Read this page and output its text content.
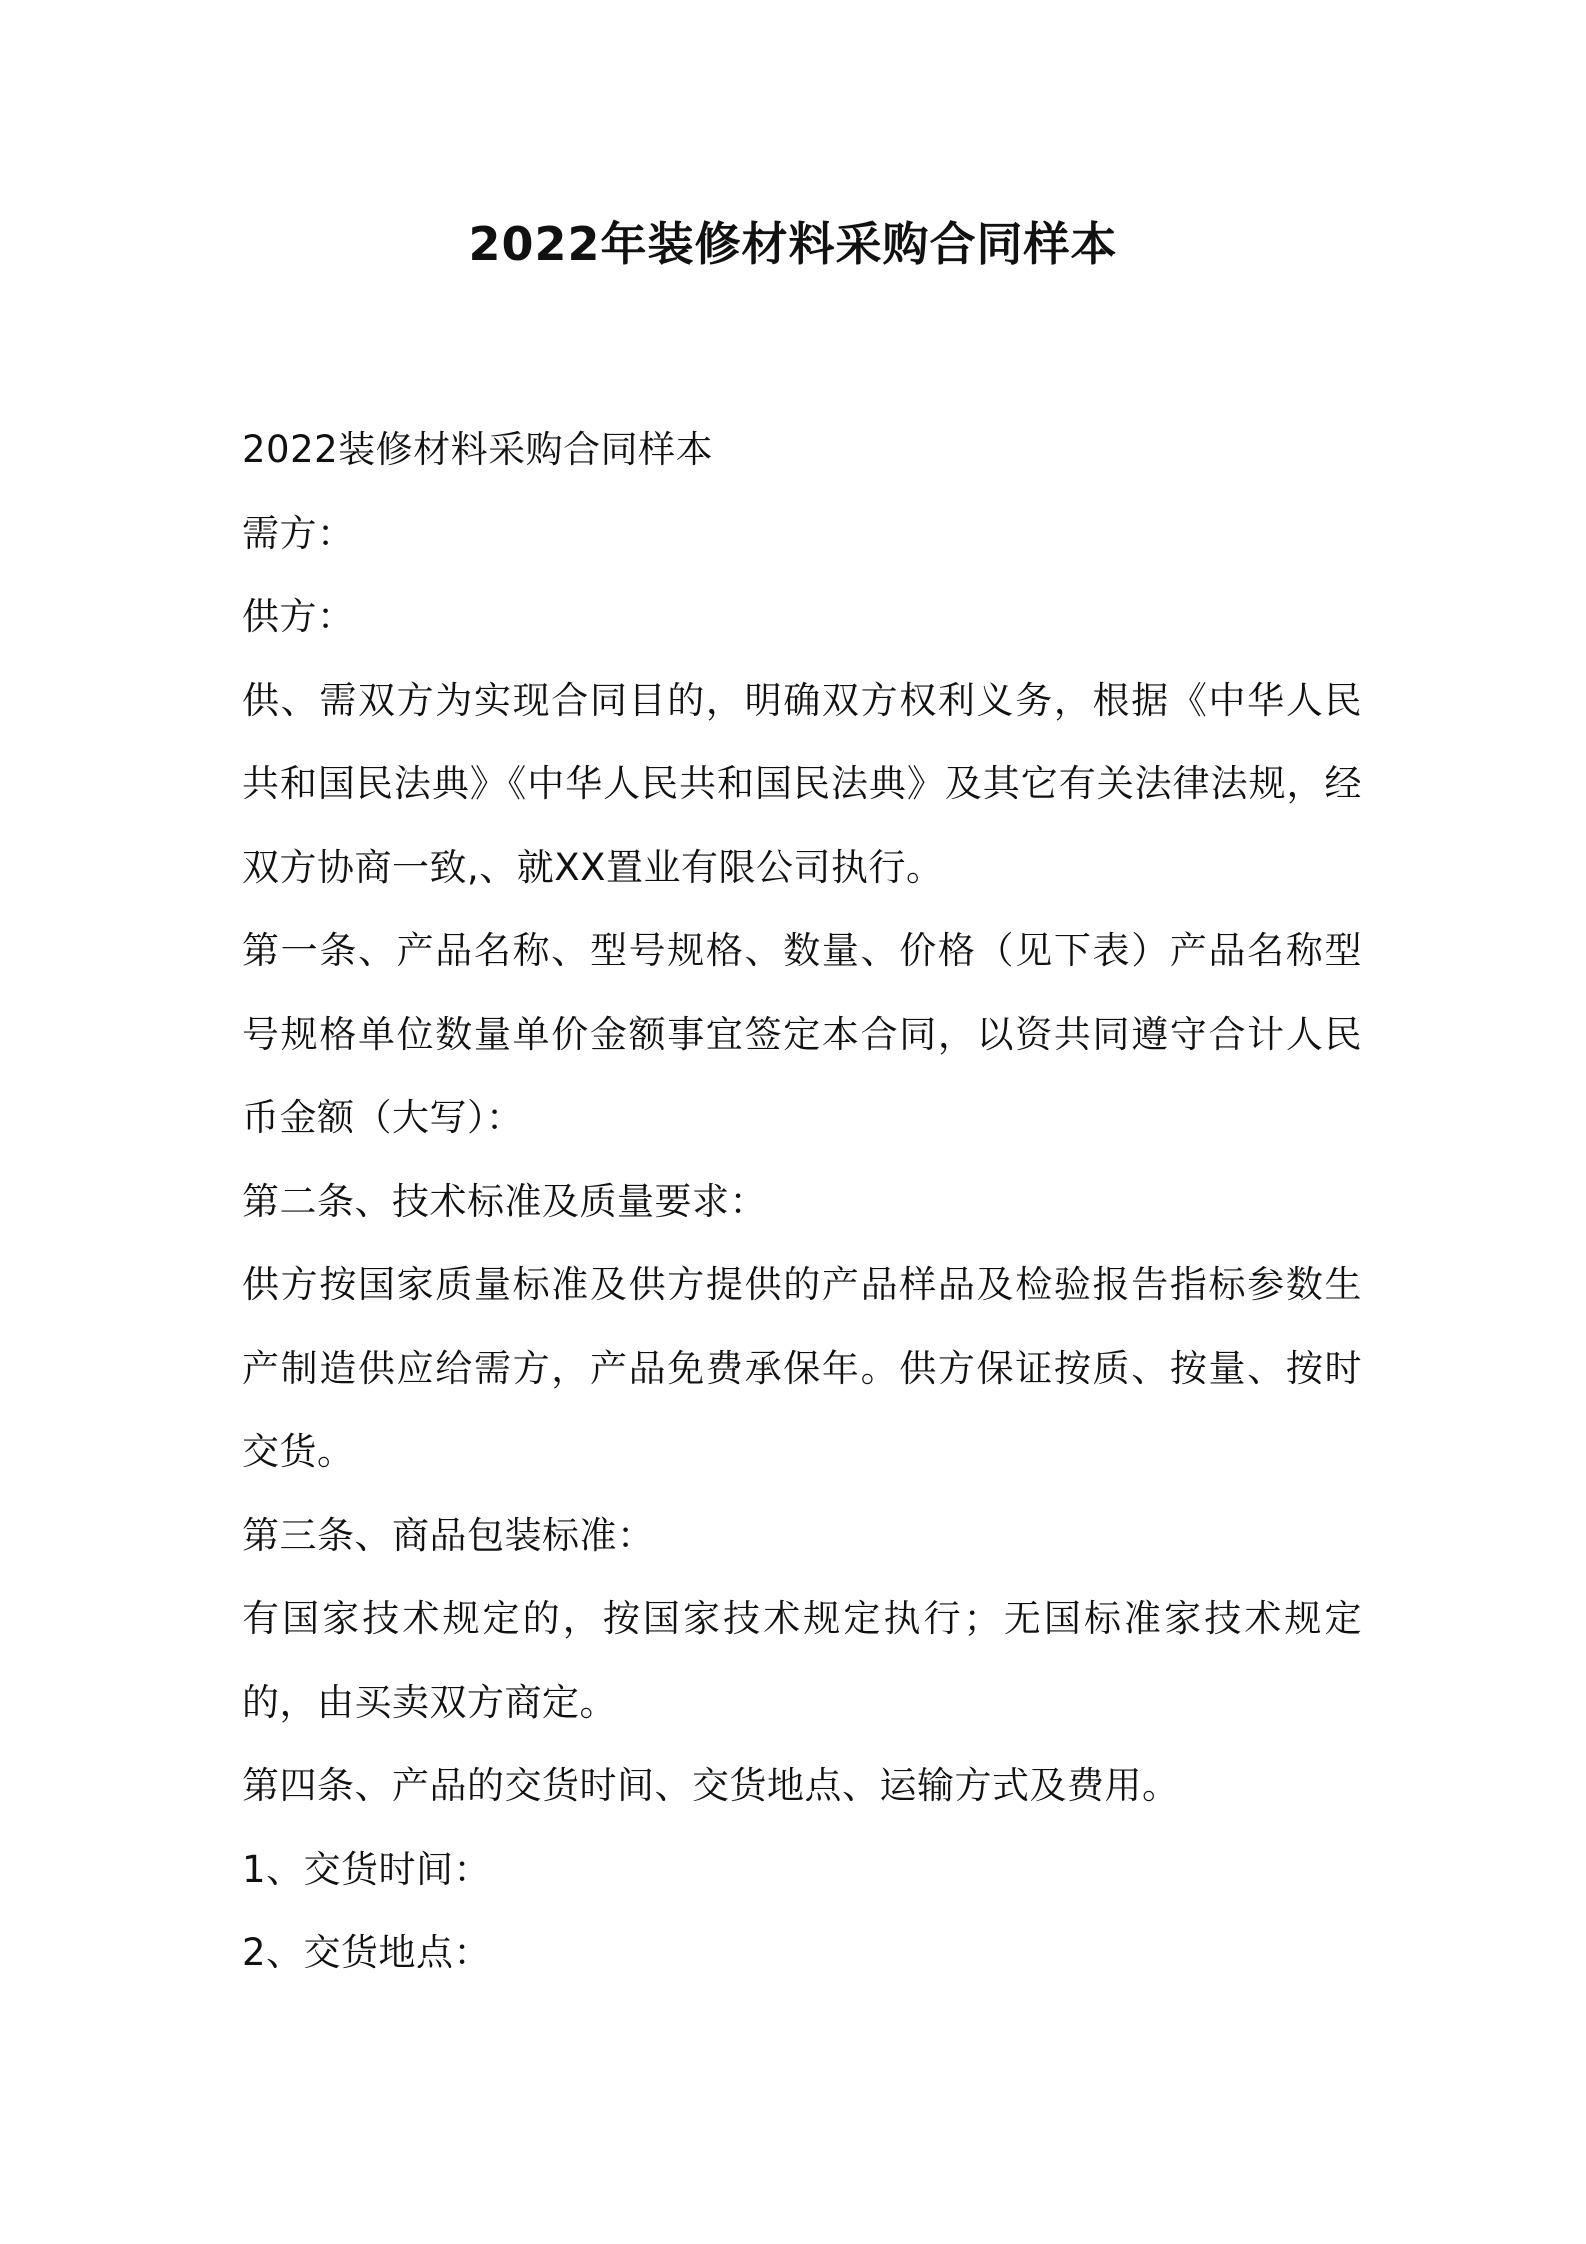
2022年装修材料采购合同样本

2022装修材料采购合同样本

需方：

供方：

供、需双方为实现合同目的，明确双方权利义务，根据《中华人民共和国民法典》《中华人民共和国民法典》及其它有关法律法规，经双方协商一致,、就XX置业有限公司执行。

第一条、产品名称、型号规格、数量、价格（见下表）产品名称型号规格单位数量单价金额事宜签定本合同，以资共同遵守合计人民币金额（大写）：

第二条、技术标准及质量要求：

供方按国家质量标准及供方提供的产品样品及检验报告指标参数生产制造供应给需方，产品免费承保年。供方保证按质、按量、按时交货。

第三条、商品包装标准：

有国家技术规定的，按国家技术规定执行；无国标准家技术规定的，由买卖双方商定。

第四条、产品的交货时间、交货地点、运输方式及费用。

1、交货时间：

2、交货地点：
